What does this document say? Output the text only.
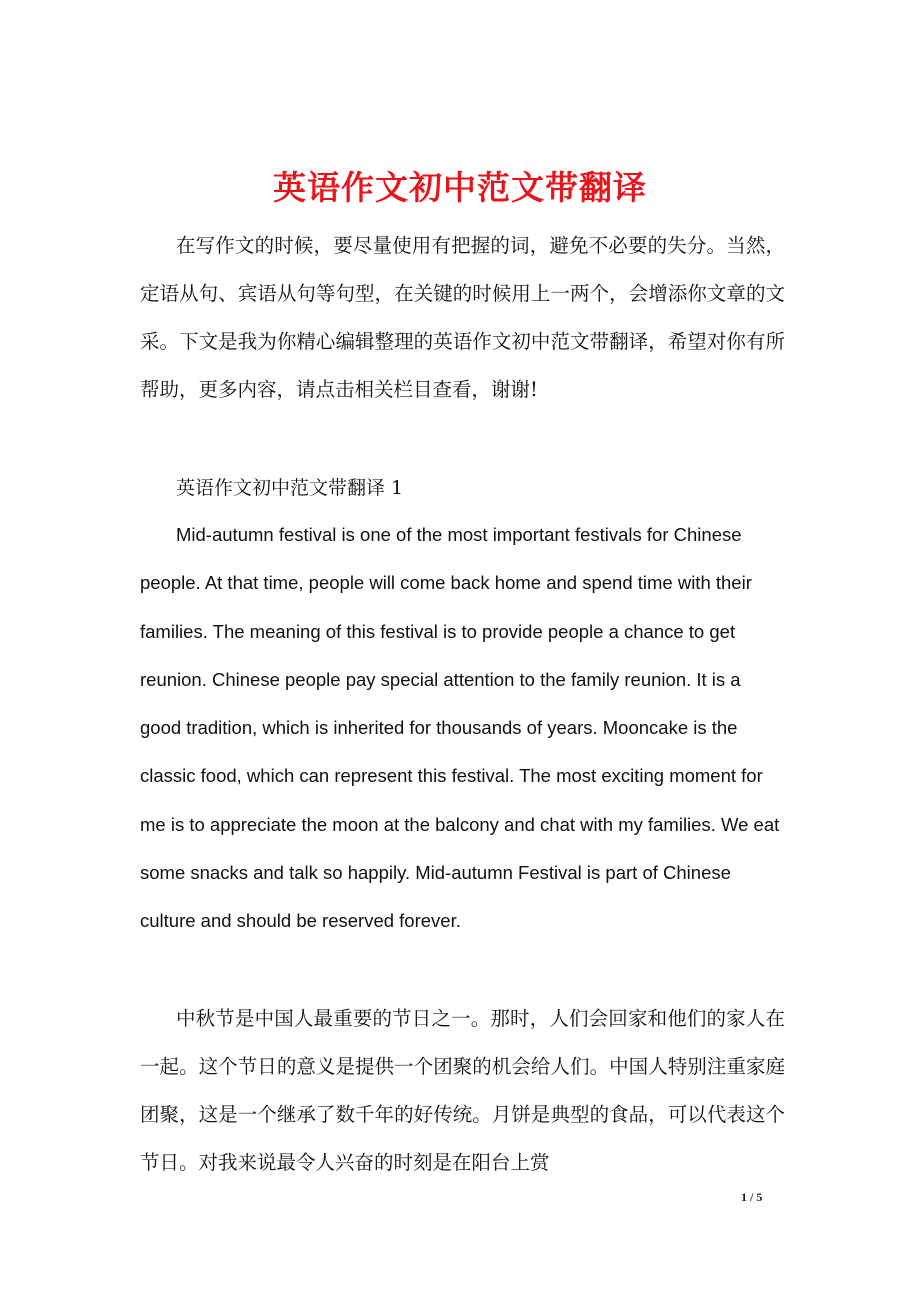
英语作文初中范文带翻译

在写作文的时候，要尽量使用有把握的词，避免不必要的失分。当然，定语从句、宾语从句等句型，在关键的时候用上一两个，会增添你文章的文采。下文是我为你精心编辑整理的英语作文初中范文带翻译，希望对你有所帮助，更多内容，请点击相关栏目查看，谢谢!

英语作文初中范文带翻译 1

Mid-autumn festival is one of the most important festivals for Chinese people. At that time, people will come back home and spend time with their families. The meaning of this festival is to provide people a chance to get reunion. Chinese people pay special attention to the family reunion. It is a good tradition, which is inherited for thousands of years. Mooncake is the classic food, which can represent this festival. The most exciting moment for me is to appreciate the moon at the balcony and chat with my families. We eat some snacks and talk so happily. Mid-autumn Festival is part of Chinese culture and should be reserved forever.

中秋节是中国人最重要的节日之一。那时，人们会回家和他们的家人在一起。这个节日的意义是提供一个团聚的机会给人们。中国人特别注重家庭团聚，这是一个继承了数千年的好传统。月饼是典型的食品，可以代表这个节日。对我来说最令人兴奋的时刻是在阳台上赏

1 / 5
